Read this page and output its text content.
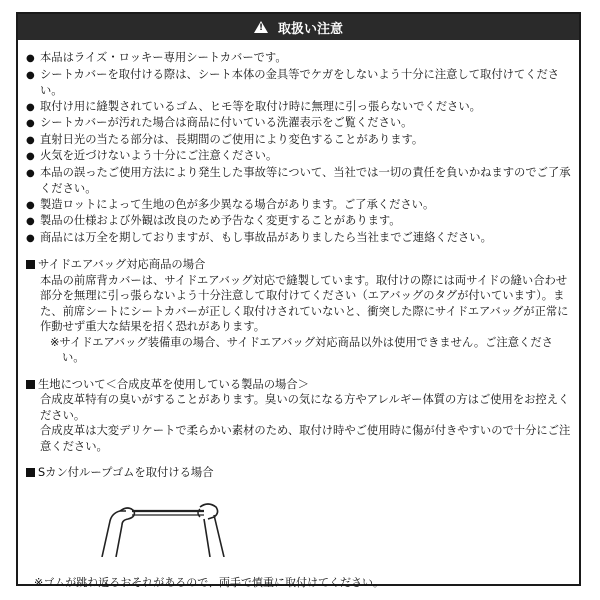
!
取扱い注意
● 本品はライズ・ロッキー専用シートカバーです。
● シートカバーを取付ける際は、シート本体の金具等でケガをしないよう十分に注意して取付けてください。
● 取付け用に縫製されているゴム、ヒモ等を取付け時に無理に引っ張らないでください。
● シートカバーが汚れた場合は商品に付いている洗濯表示をご覧ください。
● 直射日光の当たる部分は、長期間のご使用により変色することがあります。
● 火気を近づけないよう十分にご注意ください。
● 本品の誤ったご使用方法により発生した事故等について、当社では一切の責任を負いかねますのでご了承ください。
● 製造ロットによって生地の色が多少異なる場合があります。ご了承ください。
● 製品の仕様および外観は改良のため予告なく変更することがあります。
● 商品には万全を期しておりますが、もし事故品がありましたら当社までご連絡ください。
サイドエアバッグ対応商品の場合
本品の前席背カバーは、サイドエアバッグ対応で縫製しています。取付けの際には両サイドの縫い合わせ部分を無理に引っ張らないよう十分注意して取付けてください（エアバッグのタグが付いています）。また、前席シートにシートカバーが正しく取付けされていないと、衝突した際にサイドエアバッグが正常に作動せず重大な結果を招く恐れがあります。
※サイドエアバッグ装備車の場合、サイドエアバッグ対応商品以外は使用できません。ご注意ください。
生地について＜合成皮革を使用している製品の場合＞
合成皮革特有の臭いがすることがあります。臭いの気になる方やアレルギー体質の方はご使用をお控えください。
合成皮革は大変デリケートで柔らかい素材のため、取付け時やご使用時に傷が付きやすいので十分にご注意ください。
Sカン付ループゴムを取付ける場合
※ゴムが跳ね返るおそれがあるので、両手で慎重に取付けてください。
